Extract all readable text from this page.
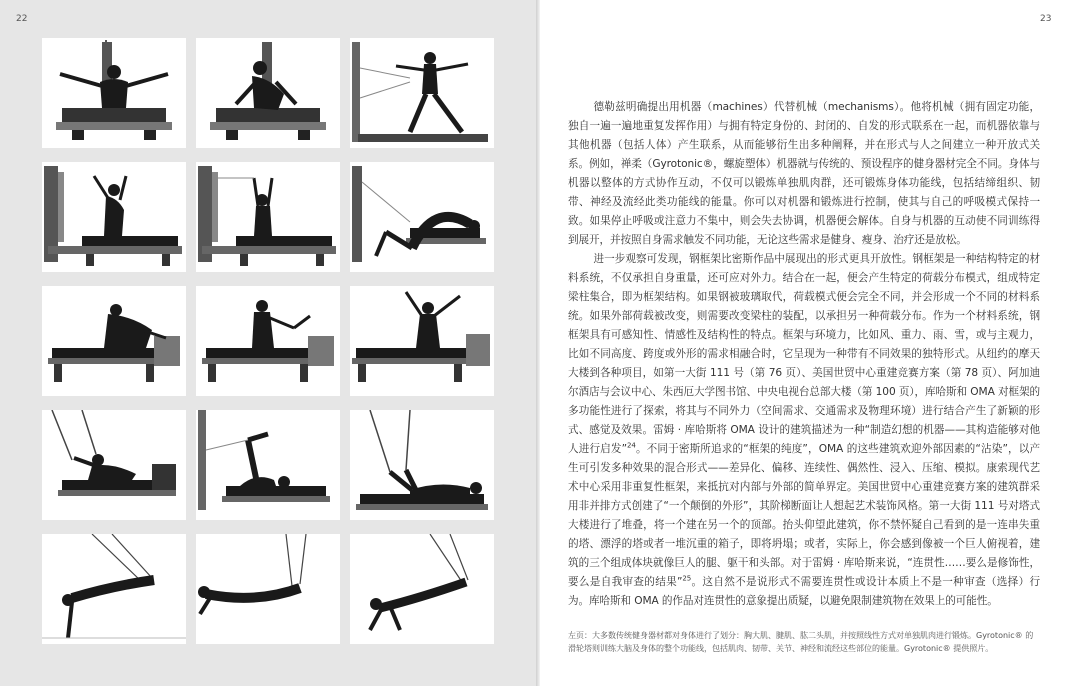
22	23

德勒兹明确提出用机器（machines）代替机械（mechanisms）。他将机械（拥有固定功能，独自一遍一遍地重复发挥作用）与拥有特定身份的、封闭的、自发的形式联系在一起，而机器依靠与其他机器（包括人体）产生联系，从而能够衍生出多种阐释，并在形式与人之间建立一种开放式关系。例如，禅柔（Gyrotonic®，螺旋塑体）机器就与传统的、预设程序的健身器材完全不同。身体与机器以整体的方式协作互动，不仅可以锻炼单独肌肉群，还可锻炼身体功能线，包括结缔组织、韧带、神经及流经此类功能线的能量。你可以对机器和锻炼进行控制，使其与自己的呼吸模式保持一致。如果停止呼吸或注意力不集中，则会失去协调，机器便会解体。自身与机器的互动使不同训练得到展开，并按照自身需求触发不同功能，无论这些需求是健身、瘦身、治疗还是放松。

进一步观察可发现，钢框架比密斯作品中展现出的形式更具开放性。钢框架是一种结构特定的材料系统，不仅承担自身重量，还可应对外力。结合在一起，便会产生特定的荷载分布模式，组成特定梁柱集合，即为框架结构。如果钢被玻璃取代，荷载模式便会完全不同，并会形成一个不同的材料系统。如果外部荷载被改变，则需要改变梁柱的装配，以承担另一种荷载分布。作为一个材料系统，钢框架具有可感知性、情感性及结构性的特点。框架与环境力，比如风、重力、雨、雪，或与主观力，比如不同高度、跨度或外形的需求相融合时，它呈现为一种带有不同效果的独特形式。从纽约的摩天大楼到各种项目，如第一大街 111 号（第 76 页）、美国世贸中心重建竞赛方案（第 78 页）、阿加迪尔酒店与会议中心、朱西厄大学图书馆、中央电视台总部大楼（第 100 页），库哈斯和 OMA 对框架的多功能性进行了探索，将其与不同外力（空间需求、交通需求及物理环境）进行结合产生了新颖的形式、感觉及效果。雷姆 · 库哈斯将 OMA 设计的建筑描述为一种“制造幻想的机器——其构造能够对他人进行启发”$^{24}$。不同于密斯所追求的“框架的纯度”，OMA 的这些建筑欢迎外部因素的“沾染”，以产生可引发多种效果的混合形式——差异化、偏移、连续性、偶然性、浸入、压缩、模拟。康索现代艺术中心采用非重复性框架，来抵抗对内部与外部的简单界定。美国世贸中心重建竞赛方案的建筑群采用非并排方式创建了“一个颠倒的外形”，其阶梯断面让人想起艺术装饰风格。第一大街 111 号对塔式大楼进行了堆叠，将一个建在另一个的顶部。抬头仰望此建筑，你不禁怀疑自己看到的是一连串失重的塔、漂浮的塔或者一堆沉重的箱子，即将坍塌；或者，实际上，你会感到像被一个巨人俯视着，建筑的三个组成体块就像巨人的腿、躯干和头部。对于雷姆 · 库哈斯来说，“连贯性……要么是修饰性，要么是自我审查的结果”$^{25}$。这自然不是说形式不需要连贯性或设计本质上不是一种审查（选择）行为。库哈斯和 OMA 的作品对连贯性的意象提出质疑，以避免限制建筑物在效果上的可能性。

左页：大多数传统健身器材都对身体进行了划分：胸大肌、腱肌、肱二头肌，并按照线性方式对单独肌肉进行锻炼。Gyrotonic® 的滑轮塔则训练大脑及身体的整个功能线，包括肌肉、韧带、关节、神经和流经这些部位的能量。Gyrotonic® 提供照片。
